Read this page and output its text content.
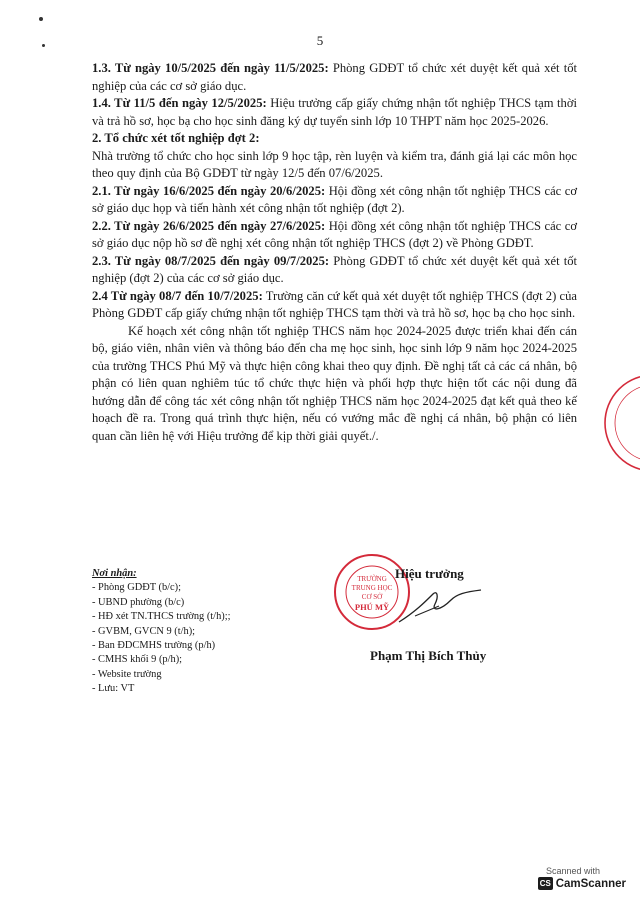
5

1.3. Từ ngày 10/5/2025 đến ngày 11/5/2025: Phòng GDĐT tổ chức xét duyệt kết quả xét tốt nghiệp của các cơ sở giáo dục.

1.4. Từ 11/5 đến ngày 12/5/2025: Hiệu trưởng cấp giấy chứng nhận tốt nghiệp THCS tạm thời và trả hồ sơ, học bạ cho học sinh đăng ký dự tuyển sinh lớp 10 THPT năm học 2025-2026.

2. Tổ chức xét tốt nghiệp đợt 2:

Nhà trường tổ chức cho học sinh lớp 9 học tập, rèn luyện và kiểm tra, đánh giá lại các môn học theo quy định của Bộ GDĐT từ ngày 12/5 đến 07/6/2025.

2.1. Từ ngày 16/6/2025 đến ngày 20/6/2025: Hội đồng xét công nhận tốt nghiệp THCS các cơ sở giáo dục họp và tiến hành xét công nhận tốt nghiệp (đợt 2).

2.2. Từ ngày 26/6/2025 đến ngày 27/6/2025: Hội đồng xét công nhận tốt nghiệp THCS các cơ sở giáo dục nộp hồ sơ đề nghị xét công nhận tốt nghiệp THCS (đợt 2) về Phòng GDĐT.

2.3. Từ ngày 08/7/2025 đến ngày 09/7/2025: Phòng GDĐT tổ chức xét duyệt kết quả xét tốt nghiệp (đợt 2) của các cơ sở giáo dục.

2.4 Từ ngày 08/7 đến 10/7/2025: Trường căn cứ kết quả xét duyệt tốt nghiệp THCS (đợt 2) của Phòng GDĐT cấp giấy chứng nhận tốt nghiệp THCS tạm thời và trả hồ sơ, học bạ cho học sinh.

Kế hoạch xét công nhận tốt nghiệp THCS năm học 2024-2025 được triển khai đến cán bộ, giáo viên, nhân viên và thông báo đến cha mẹ học sinh, học sinh lớp 9 năm học 2024-2025 của trường THCS Phú Mỹ và thực hiện công khai theo quy định. Đề nghị tất cả các cá nhân, bộ phận có liên quan nghiêm túc tổ chức thực hiện và phối hợp thực hiện tốt các nội dung đã hướng dẫn để công tác xét công nhận tốt nghiệp THCS năm học 2024-2025 đạt kết quả theo kế hoạch đề ra. Trong quá trình thực hiện, nếu có vướng mắc đề nghị cá nhân, bộ phận có liên quan cần liên hệ với Hiệu trưởng để kịp thời giải quyết./.

Nơi nhận:
- Phòng GDĐT (b/c);
- UBND phường (b/c)
- HĐ xét TN.THCS trường (t/h);;
- GVBM, GVCN 9 (t/h);
- Ban ĐDCMHS trường (p/h)
- CMHS khối 9 (p/h);
- Website trường
- Lưu: VT
TRƯỜNG
TRUNG HỌC
CƠ SỞ
PHÚ MỸ
Hiệu trưởng
Phạm Thị Bích Thủy
Scanned with
CS CamScanner
